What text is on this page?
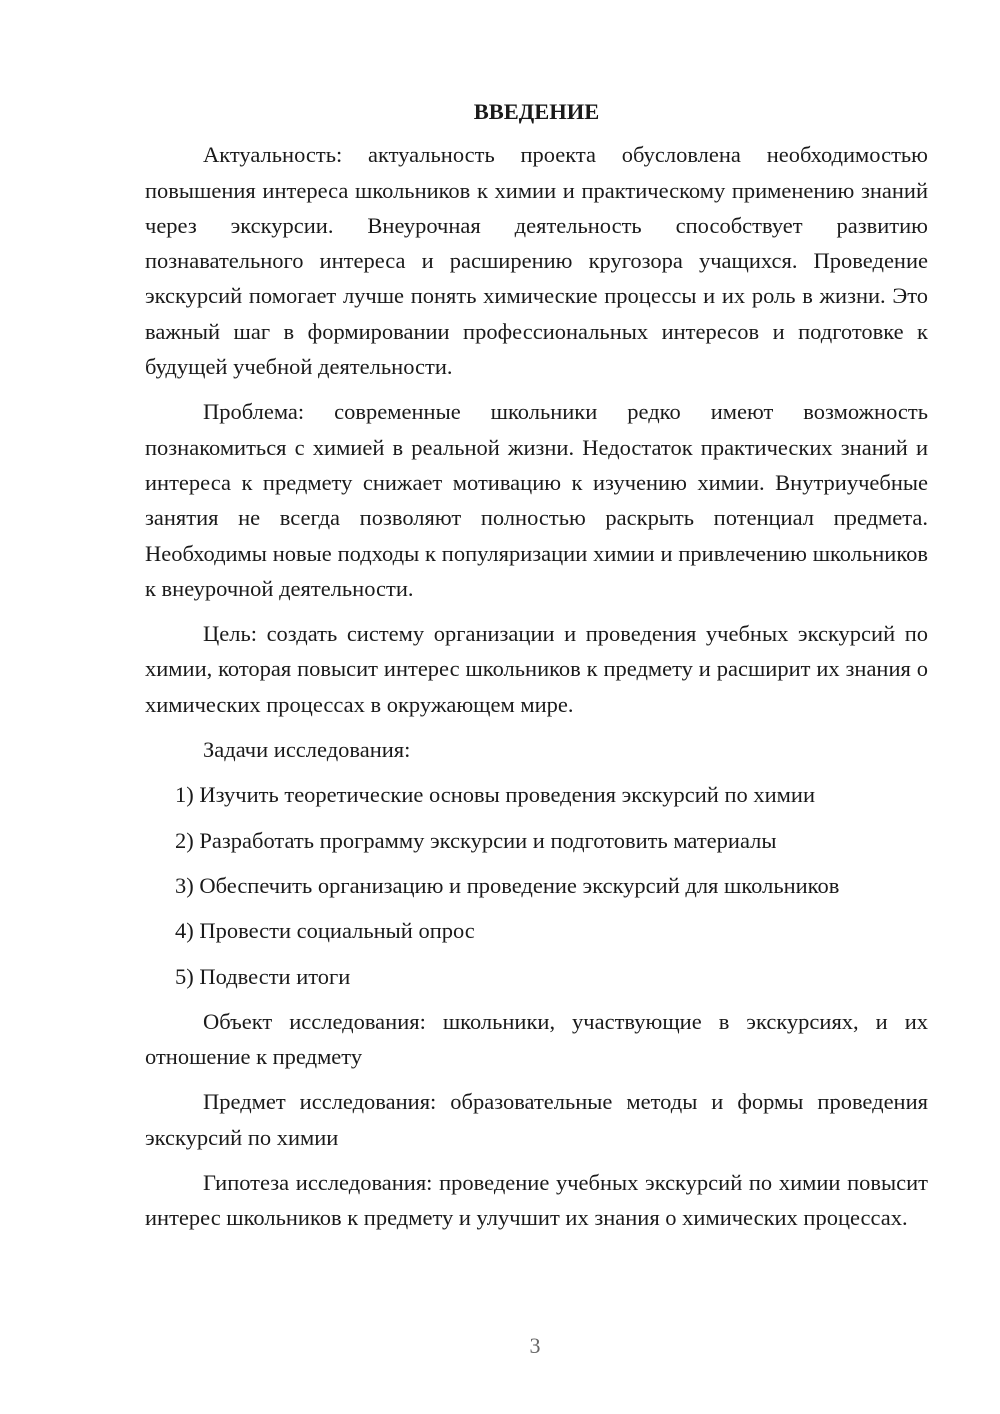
ВВЕДЕНИЕ

Актуальность: актуальность проекта обусловлена необходимостью повышения интереса школьников к химии и практическому применению знаний через экскурсии. Внеурочная деятельность способствует развитию познавательного интереса и расширению кругозора учащихся. Проведение экскурсий помогает лучше понять химические процессы и их роль в жизни. Это важный шаг в формировании профессиональных интересов и подготовке к будущей учебной деятельности.

Проблема: современные школьники редко имеют возможность познакомиться с химией в реальной жизни. Недостаток практических знаний и интереса к предмету снижает мотивацию к изучению химии. Внутриучебные занятия не всегда позволяют полностью раскрыть потенциал предмета. Необходимы новые подходы к популяризации химии и привлечению школьников к внеурочной деятельности.

Цель: создать систему организации и проведения учебных экскурсий по химии, которая повысит интерес школьников к предмету и расширит их знания о химических процессах в окружающем мире.

Задачи исследования:

1) Изучить теоретические основы проведения экскурсий по химии

2) Разработать программу экскурсии и подготовить материалы

3) Обеспечить организацию и проведение экскурсий для школьников

4) Провести социальный опрос

5) Подвести итоги

Объект исследования: школьники, участвующие в экскурсиях, и их отношение к предмету

Предмет исследования: образовательные методы и формы проведения экскурсий по химии

Гипотеза исследования: проведение учебных экскурсий по химии повысит интерес школьников к предмету и улучшит их знания о химических процессах.

3
